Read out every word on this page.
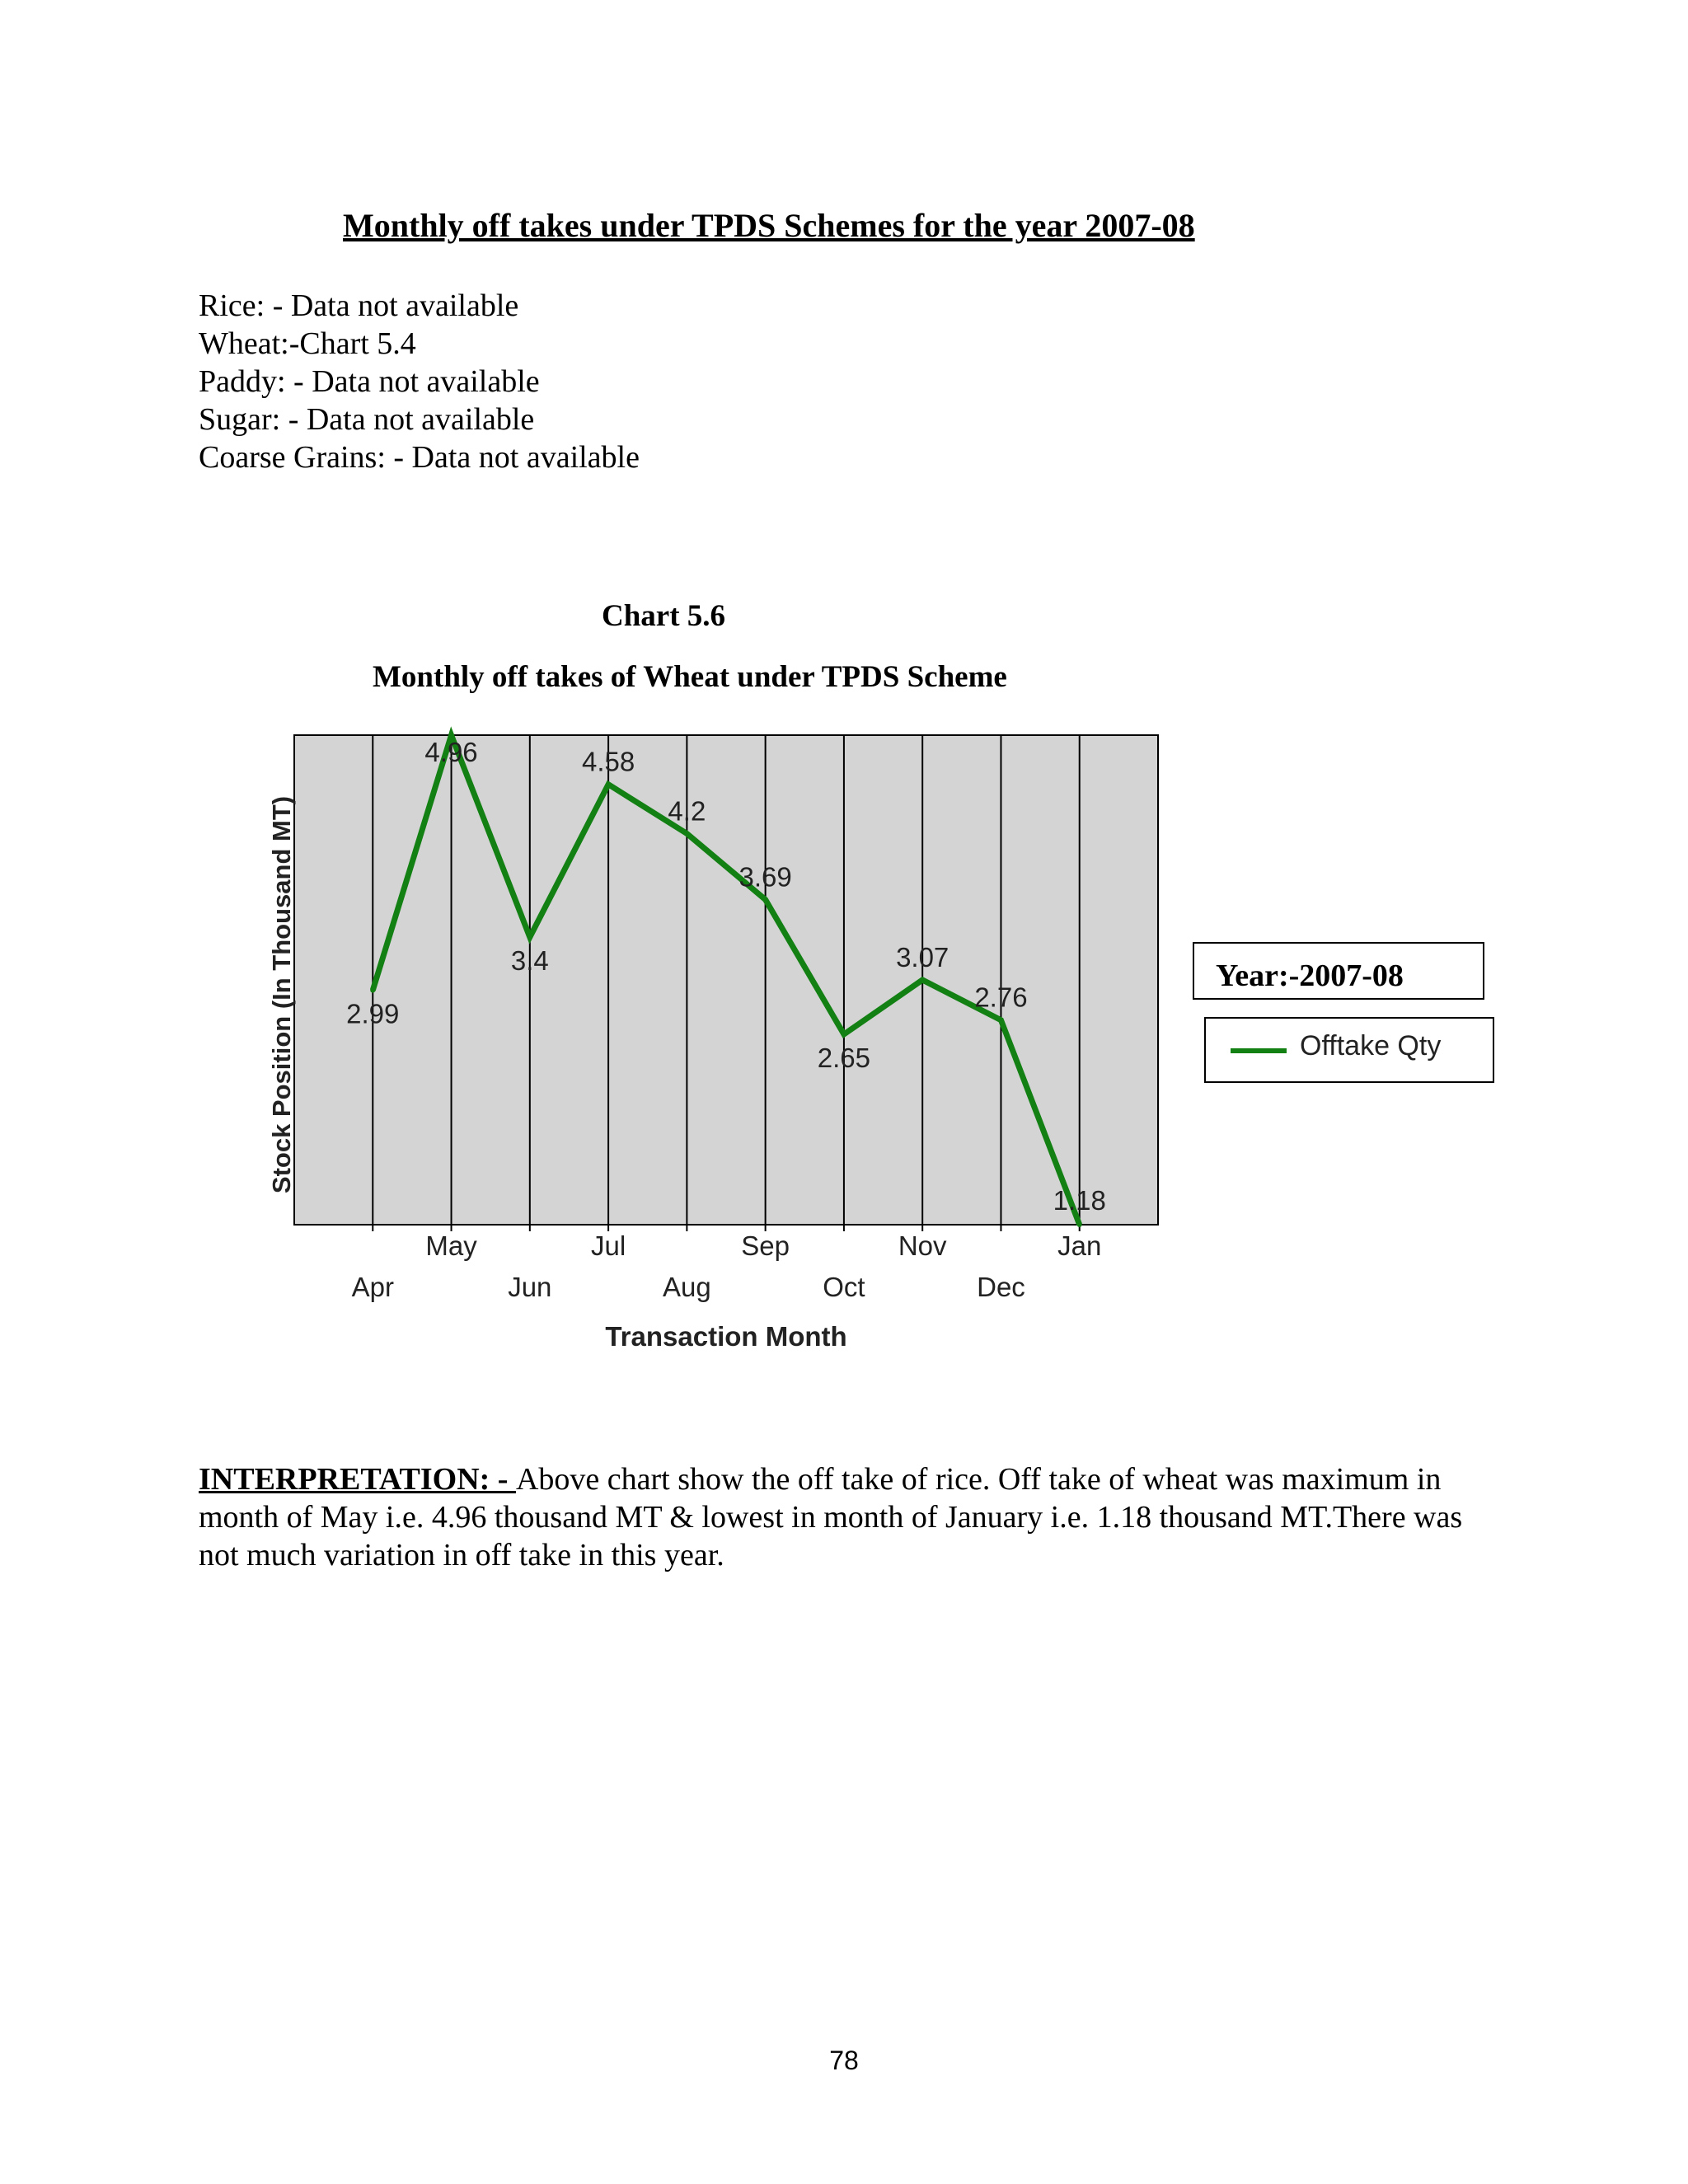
Monthly off takes under TPDS Schemes for the year 2007-08
Rice: - Data not available
Wheat:-Chart 5.4
Paddy: - Data not available
Sugar: - Data not available
Coarse Grains: - Data not available
Chart 5.6
Monthly off takes of Wheat under TPDS Scheme
Apr
May
Jun
Jul
Aug
Sep
Oct
Nov
Dec
Jan
2.99
4.96
3.4
4.58
4.2
3.69
2.65
3.07
2.76
1.18
Transaction Month
Stock Position (In Thousand MT)	Year:-2007-08
Offtake Qty

INTERPRETATION: - Above chart show the off take of rice. Off take of wheat was maximum in month of May i.e. 4.96 thousand MT & lowest in month of January i.e. 1.18 thousand MT.There was not much variation in off take in this year.

78
